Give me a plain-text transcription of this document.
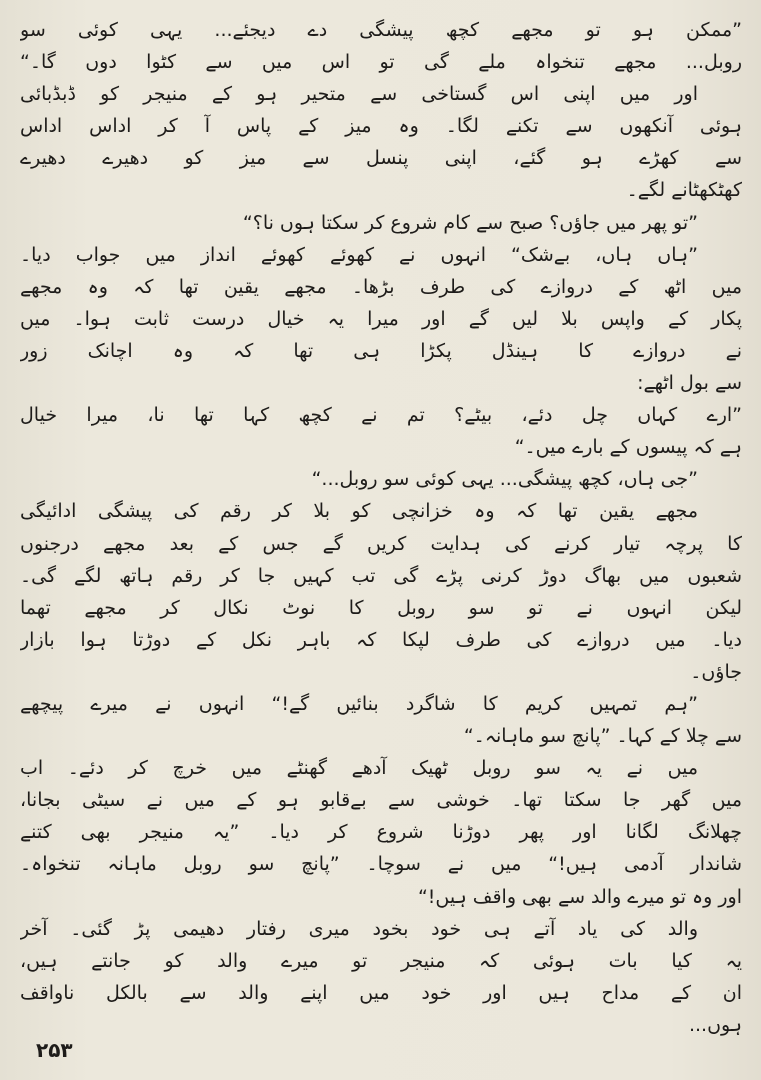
”ممکن ہو تو مجھے کچھ پیشگی دے دیجئے... یہی کوئی سو
روبل... مجھے تنخواہ ملے گی تو اس میں سے کٹوا دوں گا۔“
اور میں اپنی اس گستاخی سے متحیر ہو کے منیجر کو ڈبڈبائی
ہوئی آنکھوں سے تکنے لگا۔ وہ میز کے پاس آ کر اداس اداس
سے کھڑے ہو گئے، اپنی پنسل سے میز کو دھیرے دھیرے
کھٹکھٹانے لگے۔
”تو پھر میں جاؤں؟ صبح سے کام شروع کر سکتا ہوں نا؟“
”ہاں ہاں، بےشک“ انہوں نے کھوئے کھوئے انداز میں جواب دیا۔
میں اٹھ کے دروازے کی طرف بڑھا۔ مجھے یقین تھا کہ وہ مجھے
پکار کے واپس بلا لیں گے اور میرا یہ خیال درست ثابت ہوا۔ میں
نے دروازے کا ہینڈل پکڑا ہی تھا کہ وہ اچانک زور
سے بول اٹھے:
”ارے کہاں چل دئے، بیٹے؟ تم نے کچھ کہا تھا نا، میرا خیال
ہے کہ پیسوں کے بارے میں۔“
”جی ہاں، کچھ پیشگی... یہی کوئی سو روبل...“
مجھے یقین تھا کہ وہ خزانچی کو بلا کر رقم کی پیشگی ادائیگی
کا پرچہ تیار کرنے کی ہدایت کریں گے جس کے بعد مجھے درجنوں
شعبوں میں بھاگ دوڑ کرنی پڑے گی تب کہیں جا کر رقم ہاتھ لگے گی۔
لیکن انہوں نے تو سو روبل کا نوٹ نکال کر مجھے تھما
دیا۔ میں دروازے کی طرف لپکا کہ باہر نکل کے دوڑتا ہوا بازار
جاؤں۔
”ہم تمہیں کریم کا شاگرد بنائیں گے!“ انہوں نے میرے پیچھے
سے چلا کے کہا۔ ”پانچ سو ماہانہ۔“
میں نے یہ سو روبل ٹھیک آدھے گھنٹے میں خرچ کر دئے۔ اب
میں گھر جا سکتا تھا۔ خوشی سے بےقابو ہو کے میں نے سیٹی بجانا،
چھلانگ لگانا اور پھر دوڑنا شروع کر دیا۔ ”یہ منیجر بھی کتنے
شاندار آدمی ہیں!“ میں نے سوچا۔ ”پانچ سو روبل ماہانہ تنخواہ۔
اور وہ تو میرے والد سے بھی واقف ہیں!“
والد کی یاد آتے ہی خود بخود میری رفتار دھیمی پڑ گئی۔ آخر
یہ کیا بات ہوئی کہ منیجر تو میرے والد کو جانتے ہیں،
ان کے مداح ہیں اور خود میں اپنے والد سے بالکل ناواقف
ہوں...
۲۵۳
